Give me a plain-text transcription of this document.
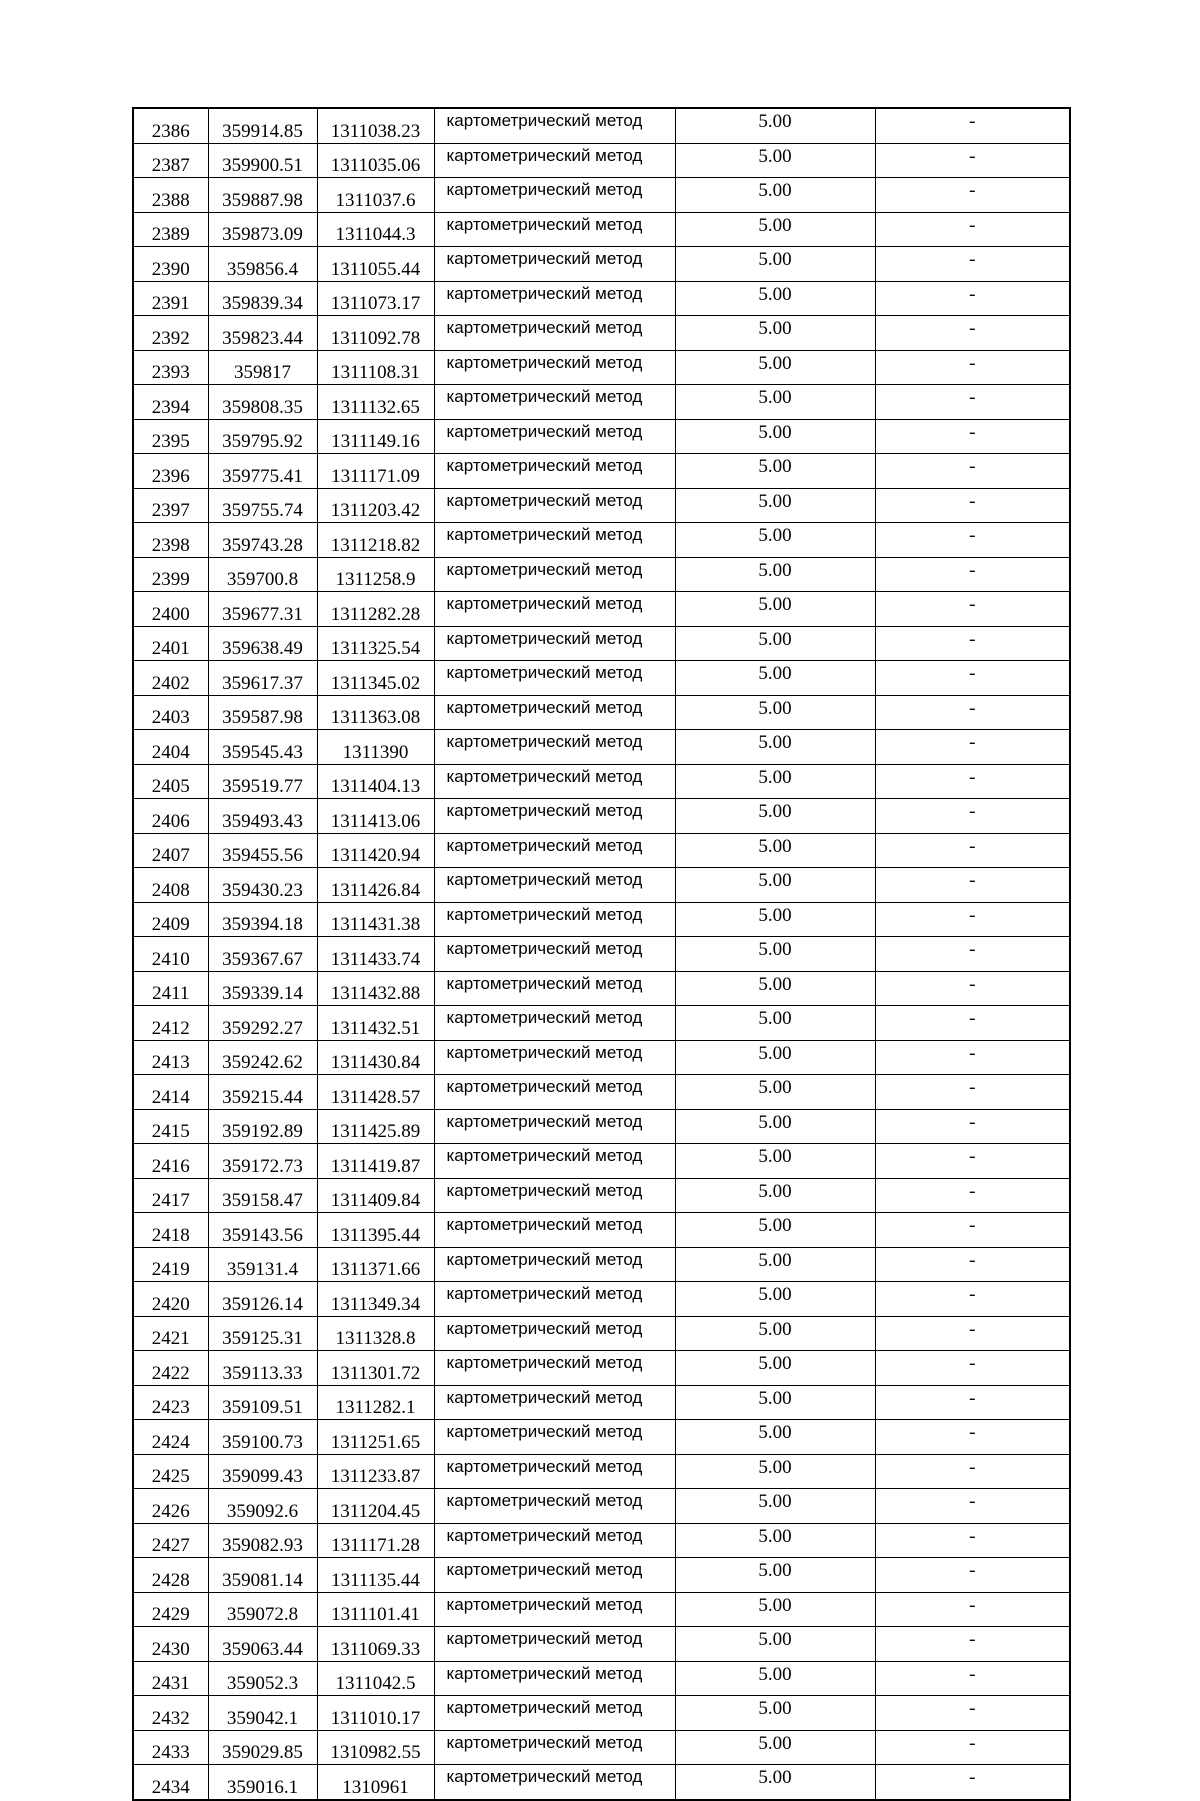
2386	359914.85	1311038.23	картометрический метод	5.00	-
2387	359900.51	1311035.06	картометрический метод	5.00	-
2388	359887.98	1311037.6	картометрический метод	5.00	-
2389	359873.09	1311044.3	картометрический метод	5.00	-
2390	359856.4	1311055.44	картометрический метод	5.00	-
2391	359839.34	1311073.17	картометрический метод	5.00	-
2392	359823.44	1311092.78	картометрический метод	5.00	-
2393	359817	1311108.31	картометрический метод	5.00	-
2394	359808.35	1311132.65	картометрический метод	5.00	-
2395	359795.92	1311149.16	картометрический метод	5.00	-
2396	359775.41	1311171.09	картометрический метод	5.00	-
2397	359755.74	1311203.42	картометрический метод	5.00	-
2398	359743.28	1311218.82	картометрический метод	5.00	-
2399	359700.8	1311258.9	картометрический метод	5.00	-
2400	359677.31	1311282.28	картометрический метод	5.00	-
2401	359638.49	1311325.54	картометрический метод	5.00	-
2402	359617.37	1311345.02	картометрический метод	5.00	-
2403	359587.98	1311363.08	картометрический метод	5.00	-
2404	359545.43	1311390	картометрический метод	5.00	-
2405	359519.77	1311404.13	картометрический метод	5.00	-
2406	359493.43	1311413.06	картометрический метод	5.00	-
2407	359455.56	1311420.94	картометрический метод	5.00	-
2408	359430.23	1311426.84	картометрический метод	5.00	-
2409	359394.18	1311431.38	картометрический метод	5.00	-
2410	359367.67	1311433.74	картометрический метод	5.00	-
2411	359339.14	1311432.88	картометрический метод	5.00	-
2412	359292.27	1311432.51	картометрический метод	5.00	-
2413	359242.62	1311430.84	картометрический метод	5.00	-
2414	359215.44	1311428.57	картометрический метод	5.00	-
2415	359192.89	1311425.89	картометрический метод	5.00	-
2416	359172.73	1311419.87	картометрический метод	5.00	-
2417	359158.47	1311409.84	картометрический метод	5.00	-
2418	359143.56	1311395.44	картометрический метод	5.00	-
2419	359131.4	1311371.66	картометрический метод	5.00	-
2420	359126.14	1311349.34	картометрический метод	5.00	-
2421	359125.31	1311328.8	картометрический метод	5.00	-
2422	359113.33	1311301.72	картометрический метод	5.00	-
2423	359109.51	1311282.1	картометрический метод	5.00	-
2424	359100.73	1311251.65	картометрический метод	5.00	-
2425	359099.43	1311233.87	картометрический метод	5.00	-
2426	359092.6	1311204.45	картометрический метод	5.00	-
2427	359082.93	1311171.28	картометрический метод	5.00	-
2428	359081.14	1311135.44	картометрический метод	5.00	-
2429	359072.8	1311101.41	картометрический метод	5.00	-
2430	359063.44	1311069.33	картометрический метод	5.00	-
2431	359052.3	1311042.5	картометрический метод	5.00	-
2432	359042.1	1311010.17	картометрический метод	5.00	-
2433	359029.85	1310982.55	картометрический метод	5.00	-
2434	359016.1	1310961	картометрический метод	5.00	-
